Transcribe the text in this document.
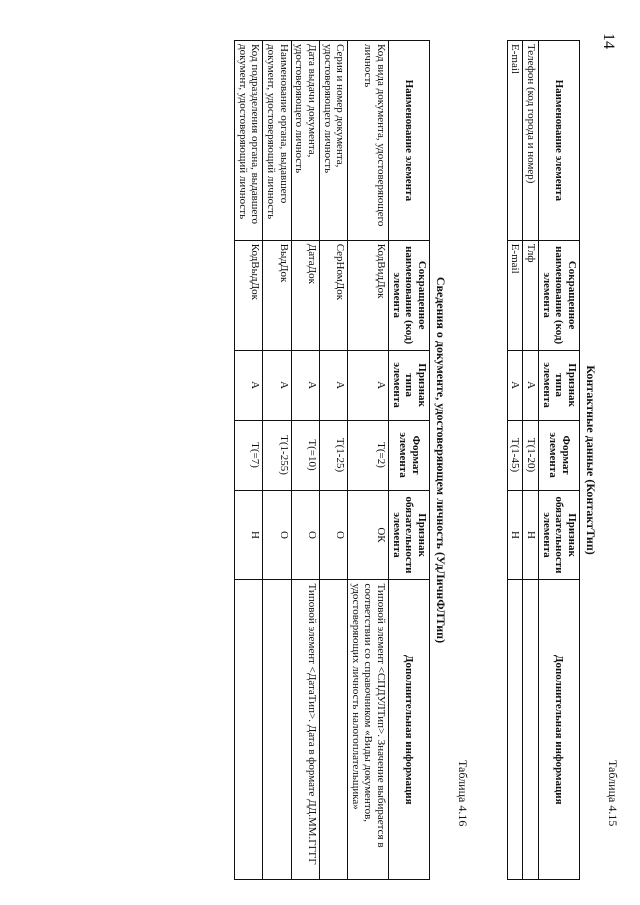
14
Таблица 4.15
Контактные данные (КонтактТип)
Наименование элемента	Сокращенное наименование (код) элемента	Признак типа элемента	Формат элемента	Признак обязательности элемента	Дополнительная информация
Телефон (код города и номер)	Тлф	А	Т(1-20)	Н	
E-mail	E-mail	А	Т(1-45)	Н	
Таблица 4.16
Сведения о документе, удостоверяющем личность (УдЛичнФЛТип)
Наименование элемента	Сокращенное наименование (код) элемента	Признак типа элемента	Формат элемента	Признак обязательности элемента	Дополнительная информация
Код вида документа, удостоверяющего личность	КодВидДок	А	Т(=2)	ОК	Типовой элемент <СПДУЛТип>. Значение выбирается в соответствии со справочником «Виды документов, удостоверяющих личность налогоплательщика»
Серия и номер документа, удостоверяющего личность	СерНомДок	А	Т(1-25)	О	
Дата выдачи документа, удостоверяющего личность	ДатаДок	А	Т(=10)	О	Типовой элемент <ДатаТип>. Дата в формате ДД.ММ.ГГГГ
Наименование органа, выдавшего документ, удостоверяющий личность	ВыдДок	А	Т(1-255)	О	
Код подразделения органа, выдавшего документ, удостоверяющий личность	КодВыдДок	А	Т(=7)	Н	
